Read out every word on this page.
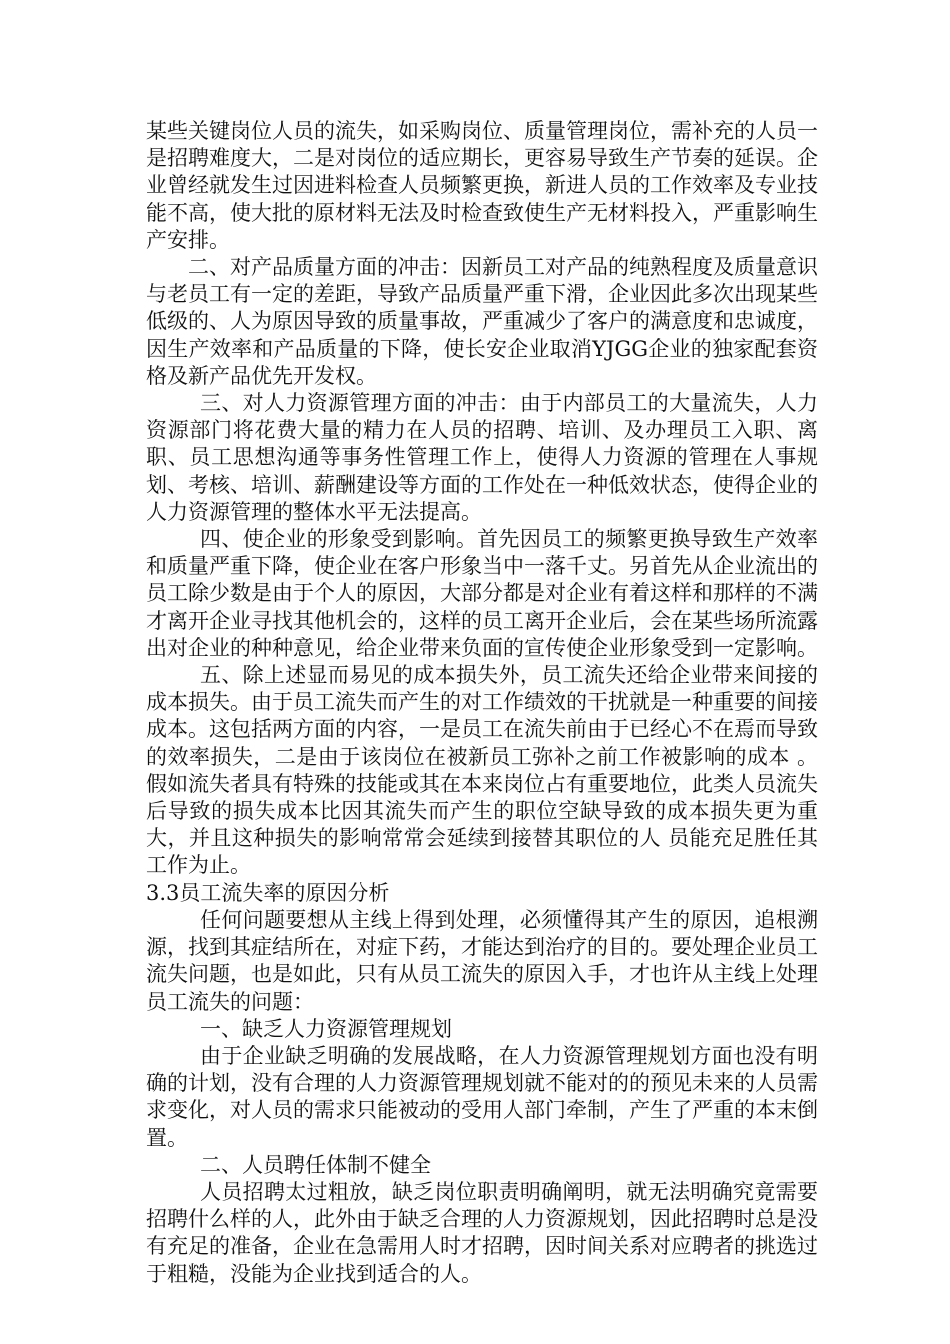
某些关键岗位人员的流失，如采购岗位、质量管理岗位，需补充的人员一是招聘难度大，二是对岗位的适应期长，更容易导致生产节奏的延误。企业曾经就发生过因进料检查人员频繁更换，新进人员的工作效率及专业技能不高，使大批的原材料无法及时检查致使生产无材料投入，严重影响生产安排。

二、对产品质量方面的冲击：因新员工对产品的纯熟程度及质量意识与老员工有一定的差距，导致产品质量严重下滑，企业因此多次出现某些低级的、人为原因导致的质量事故，严重减少了客户的满意度和忠诚度，因生产效率和产品质量的下降，使长安企业取消YJGG企业的独家配套资格及新产品优先开发权。

三、对人力资源管理方面的冲击：由于内部员工的大量流失，人力资源部门将花费大量的精力在人员的招聘、培训、及办理员工入职、离职、员工思想沟通等事务性管理工作上，使得人力资源的管理在人事规划、考核、培训、薪酬建设等方面的工作处在一种低效状态，使得企业的人力资源管理的整体水平无法提高。

四、使企业的形象受到影响。首先因员工的频繁更换导致生产效率和质量严重下降，使企业在客户形象当中一落千丈。另首先从企业流出的员工除少数是由于个人的原因，大部分都是对企业有着这样和那样的不满才离开企业寻找其他机会的，这样的员工离开企业后，会在某些场所流露出对企业的种种意见，给企业带来负面的宣传使企业形象受到一定影响。

五、除上述显而易见的成本损失外，员工流失还给企业带来间接的成本损失。由于员工流失而产生的对工作绩效的干扰就是一种重要的间接成本。这包括两方面的内容，一是员工在流失前由于已经心不在焉而导致的效率损失，二是由于该岗位在被新员工弥补之前工作被影响的成本 。假如流失者具有特殊的技能或其在本来岗位占有重要地位，此类人员流失后导致的损失成本比因其流失而产生的职位空缺导致的成本损失更为重大，并且这种损失的影响常常会延续到接替其职位的人 员能充足胜任其工作为止。

3.3员工流失率的原因分析

任何问题要想从主线上得到处理，必须懂得其产生的原因，追根溯源，找到其症结所在，对症下药，才能达到治疗的目的。要处理企业员工流失问题，也是如此，只有从员工流失的原因入手，才也许从主线上处理员工流失的问题：

一、缺乏人力资源管理规划

由于企业缺乏明确的发展战略，在人力资源管理规划方面也没有明确的计划，没有合理的人力资源管理规划就不能对的的预见未来的人员需求变化，对人员的需求只能被动的受用人部门牵制，产生了严重的本末倒置。

二、人员聘任体制不健全

人员招聘太过粗放，缺乏岗位职责明确阐明，就无法明确究竟需要招聘什么样的人，此外由于缺乏合理的人力资源规划，因此招聘时总是没有充足的准备，企业在急需用人时才招聘，因时间关系对应聘者的挑选过于粗糙，没能为企业找到适合的人。
